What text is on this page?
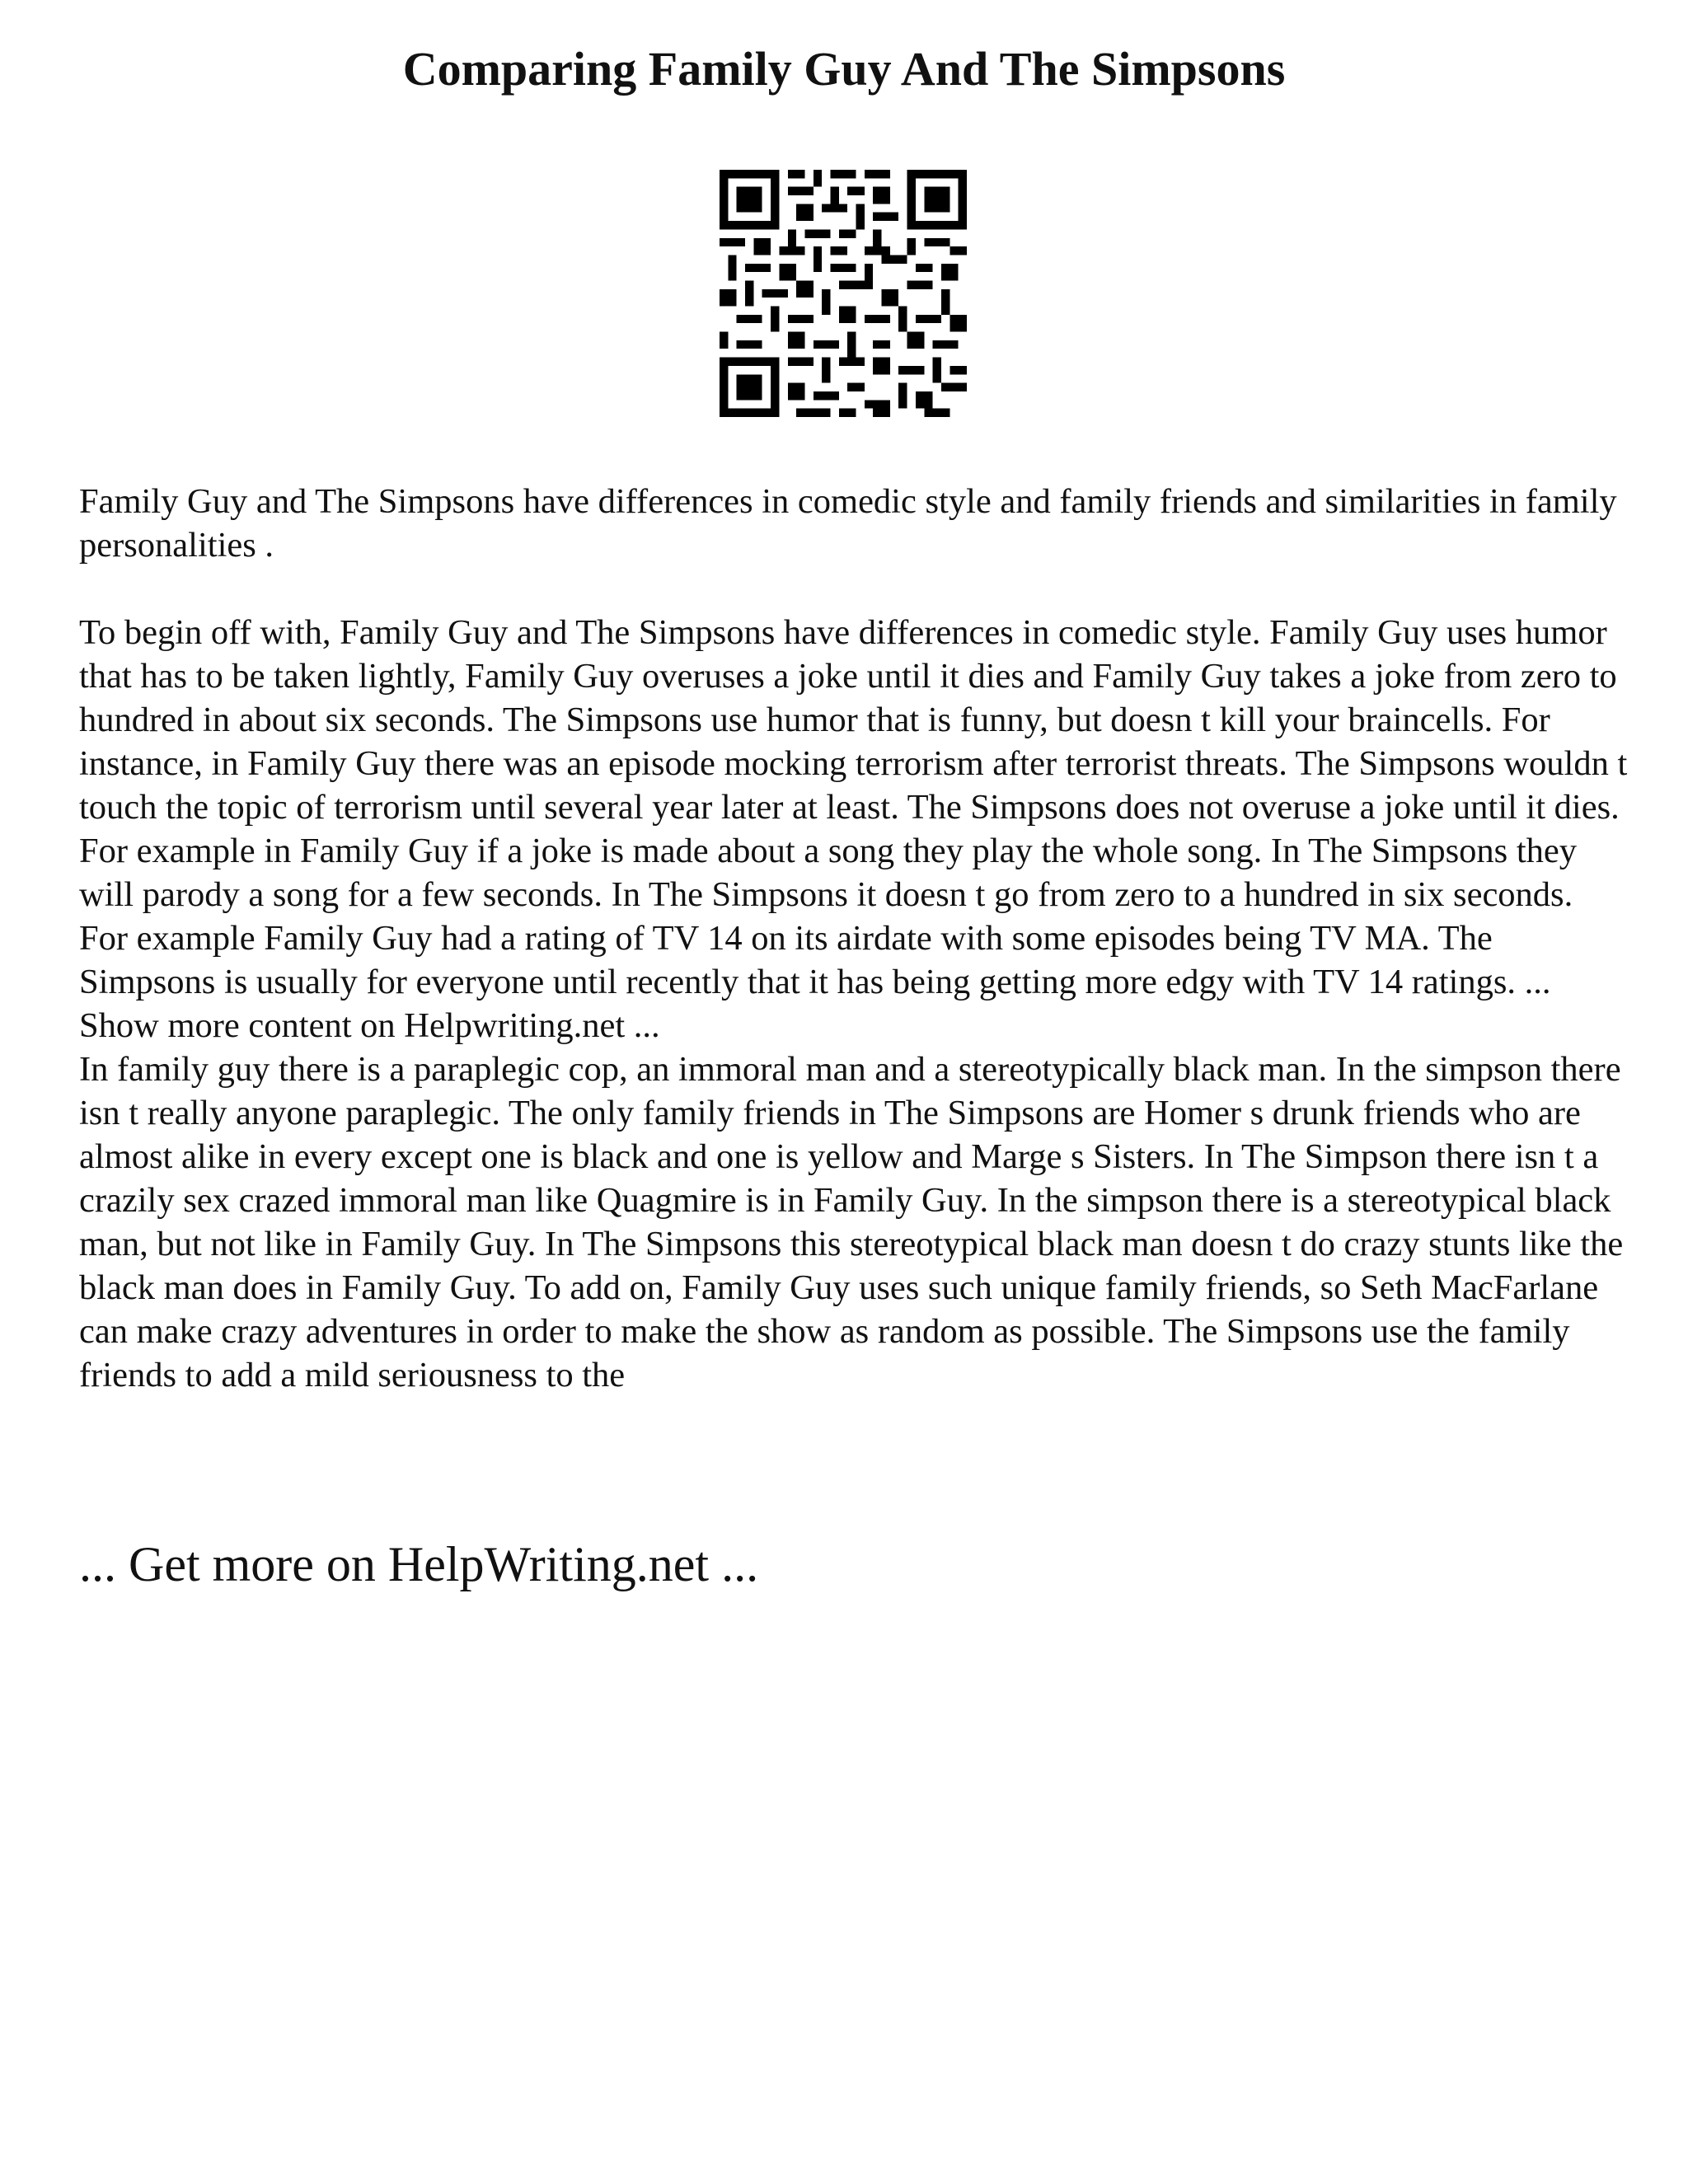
Comparing Family Guy And The Simpsons

Family Guy and The Simpsons have differences in comedic style and family friends and similarities in family personalities .

To begin off with, Family Guy and The Simpsons have differences in comedic style. Family Guy uses humor that has to be taken lightly, Family Guy overuses a joke until it dies and Family Guy takes a joke from zero to hundred in about six seconds. The Simpsons use humor that is funny, but doesn t kill your braincells. For instance, in Family Guy there was an episode mocking terrorism after terrorist threats. The Simpsons wouldn t touch the topic of terrorism until several year later at least. The Simpsons does not overuse a joke until it dies. For example in Family Guy if a joke is made about a song they play the whole song. In The Simpsons they will parody a song for a few seconds. In The Simpsons it doesn t go from zero to a hundred in six seconds. For example Family Guy had a rating of TV 14 on its airdate with some episodes being TV MA. The Simpsons is usually for everyone until recently that it has being getting more edgy with TV 14 ratings. ... Show more content on Helpwriting.net ...

In family guy there is a paraplegic cop, an immoral man and a stereotypically black man. In the simpson there isn t really anyone paraplegic. The only family friends in The Simpsons are Homer s drunk friends who are almost alike in every except one is black and one is yellow and Marge s Sisters. In The Simpson there isn t a crazily sex crazed immoral man like Quagmire is in Family Guy. In the simpson there is a stereotypical black man, but not like in Family Guy. In The Simpsons this stereotypical black man doesn t do crazy stunts like the black man does in Family Guy. To add on, Family Guy uses such unique family friends, so Seth MacFarlane can make crazy adventures in order to make the show as random as possible. The Simpsons use the family friends to add a mild seriousness to the

... Get more on HelpWriting.net ...
